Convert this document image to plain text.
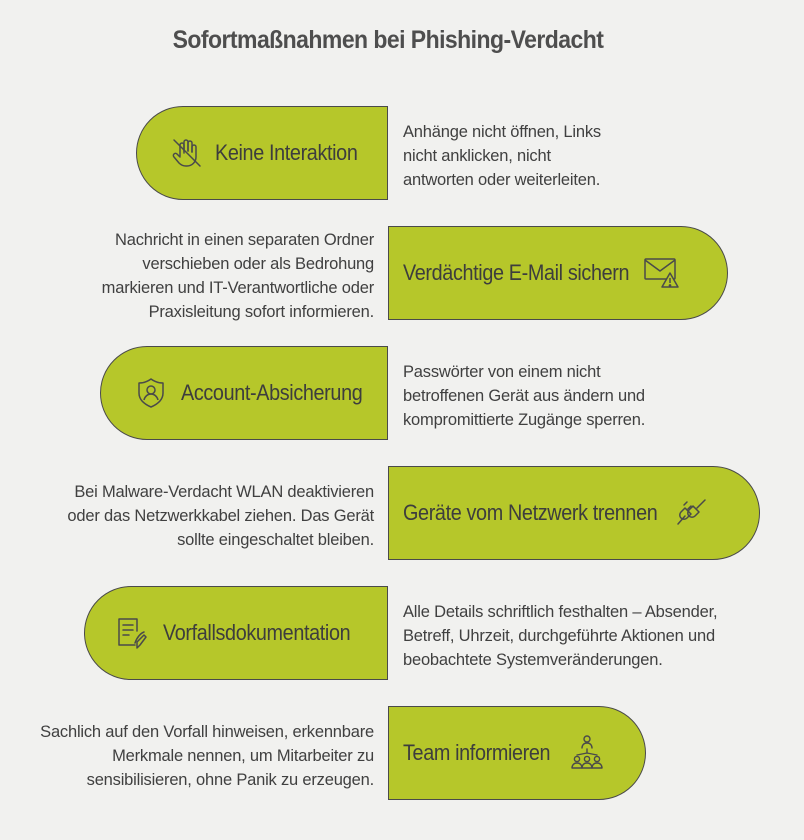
Sofortmaßnahmen bei Phishing-Verdacht
Keine Interaktion
Anhänge nicht öffnen, Links
nicht anklicken, nicht
antworten oder weiterleiten.
Nachricht in einen separaten Ordner
verschieben oder als Bedrohung
markieren und IT-Verantwortliche oder
Praxisleitung sofort informieren.
Verdächtige E-Mail sichern
Account-Absicherung
Passwörter von einem nicht
betroffenen Gerät aus ändern und
kompromittierte Zugänge sperren.
Bei Malware-Verdacht WLAN deaktivieren
oder das Netzwerkkabel ziehen. Das Gerät
sollte eingeschaltet bleiben.
Geräte vom Netzwerk trennen
Vorfallsdokumentation
Alle Details schriftlich festhalten – Absender,
Betreff, Uhrzeit, durchgeführte Aktionen und
beobachtete Systemveränderungen.
Sachlich auf den Vorfall hinweisen, erkennbare
Merkmale nennen, um Mitarbeiter zu
sensibilisieren, ohne Panik zu erzeugen.
Team informieren
